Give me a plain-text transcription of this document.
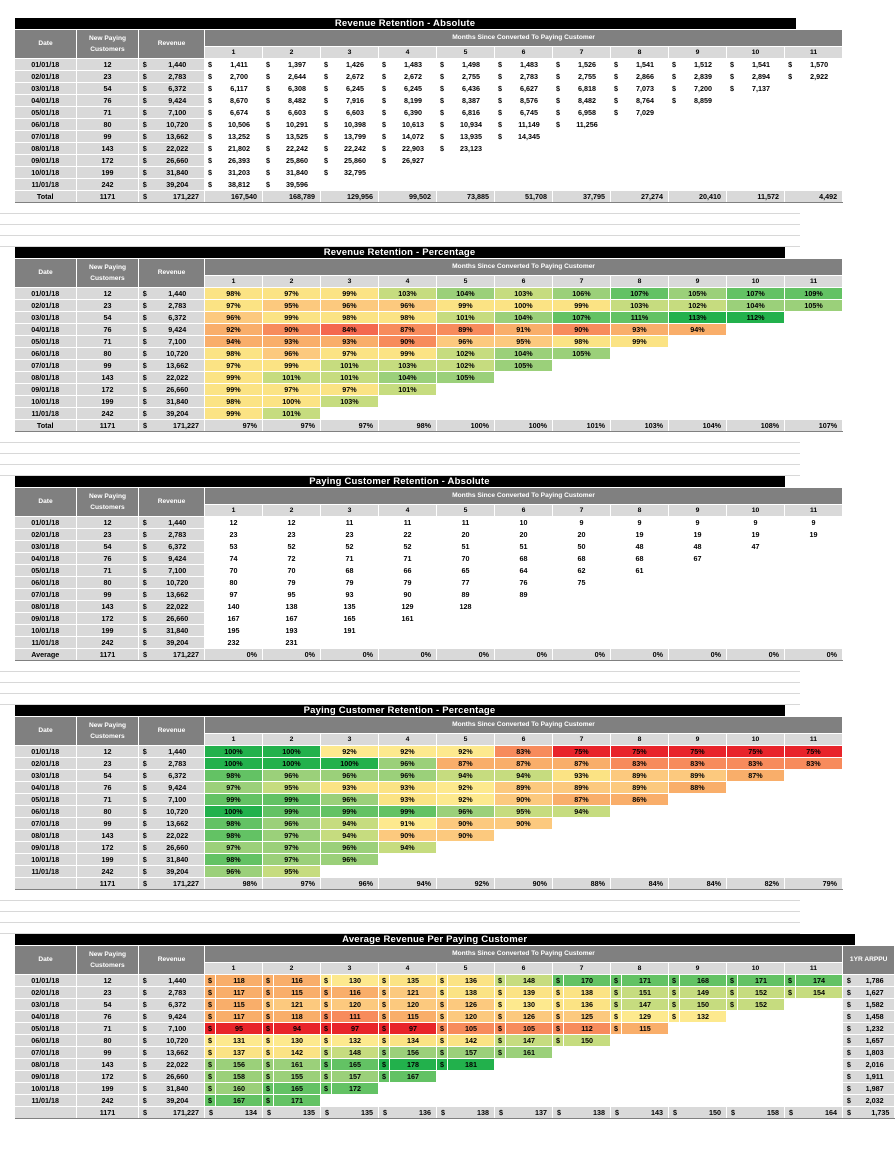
Revenue Retention - Absolute																									
Date	New Paying
Customers	Revenue		Months Since Converted To Paying Customer																					
				1		2		3		4		5		6		7		8		9		10		11	
01/01/18	12	$	1,440	$	1,411	$	1,397	$	1,426	$	1,483	$	1,498	$	1,483	$	1,526	$	1,541	$	1,512	$	1,541	$	1,570
02/01/18	23	$	2,783	$	2,700	$	2,644	$	2,672	$	2,672	$	2,755	$	2,783	$	2,755	$	2,866	$	2,839	$	2,894	$	2,922
03/01/18	54	$	6,372	$	6,117	$	6,308	$	6,245	$	6,245	$	6,436	$	6,627	$	6,818	$	7,073	$	7,200	$	7,137		
04/01/18	76	$	9,424	$	8,670	$	8,482	$	7,916	$	8,199	$	8,387	$	8,576	$	8,482	$	8,764	$	8,859				
05/01/18	71	$	7,100	$	6,674	$	6,603	$	6,603	$	6,390	$	6,816	$	6,745	$	6,958	$	7,029						
06/01/18	80	$	10,720	$	10,506	$	10,291	$	10,398	$	10,613	$	10,934	$	11,149	$	11,256								
07/01/18	99	$	13,662	$	13,252	$	13,525	$	13,799	$	14,072	$	13,935	$	14,345										
08/01/18	143	$	22,022	$	21,802	$	22,242	$	22,242	$	22,903	$	23,123												
09/01/18	172	$	26,660	$	26,393	$	25,860	$	25,860	$	26,927														
10/01/18	199	$	31,840	$	31,203	$	31,840	$	32,795																
11/01/18	242	$	39,204	$	38,812	$	39,596																		
Total	1171	$	171,227		167,540		168,789		129,956		99,502		73,885		51,708		37,795		27,274		20,410		11,572		4,492
Revenue Retention - Percentage														
Date	New Paying
Customers	Revenue		Months Since Converted To Paying Customer										
				1	2	3	4	5	6	7	8	9	10	11
01/01/18	12	$	1,440	98%	97%	99%	103%	104%	103%	106%	107%	105%	107%	109%
02/01/18	23	$	2,783	97%	95%	96%	96%	99%	100%	99%	103%	102%	104%	105%
03/01/18	54	$	6,372	96%	99%	98%	98%	101%	104%	107%	111%	113%	112%	
04/01/18	76	$	9,424	92%	90%	84%	87%	89%	91%	90%	93%	94%		
05/01/18	71	$	7,100	94%	93%	93%	90%	96%	95%	98%	99%			
06/01/18	80	$	10,720	98%	96%	97%	99%	102%	104%	105%				
07/01/18	99	$	13,662	97%	99%	101%	103%	102%	105%					
08/01/18	143	$	22,022	99%	101%	101%	104%	105%						
09/01/18	172	$	26,660	99%	97%	97%	101%							
10/01/18	199	$	31,840	98%	100%	103%								
11/01/18	242	$	39,204	99%	101%									
Total	1171	$	171,227	97%	97%	97%	98%	100%	100%	101%	103%	104%	108%	107%
Paying Customer Retention - Absolute														
Date	New Paying
Customers	Revenue		Months Since Converted To Paying Customer										
				1	2	3	4	5	6	7	8	9	10	11
01/01/18	12	$	1,440	12	12	11	11	11	10	9	9	9	9	9
02/01/18	23	$	2,783	23	23	23	22	20	20	20	19	19	19	19
03/01/18	54	$	6,372	53	52	52	52	51	51	50	48	48	47	
04/01/18	76	$	9,424	74	72	71	71	70	68	68	68	67		
05/01/18	71	$	7,100	70	70	68	66	65	64	62	61			
06/01/18	80	$	10,720	80	79	79	79	77	76	75				
07/01/18	99	$	13,662	97	95	93	90	89	89					
08/01/18	143	$	22,022	140	138	135	129	128						
09/01/18	172	$	26,660	167	167	165	161							
10/01/18	199	$	31,840	195	193	191								
11/01/18	242	$	39,204	232	231									
Average	1171	$	171,227	0%	0%	0%	0%	0%	0%	0%	0%	0%	0%	0%
Paying Customer Retention - Percentage														
Date	New Paying
Customers	Revenue		Months Since Converted To Paying Customer										
				1	2	3	4	5	6	7	8	9	10	11
01/01/18	12	$	1,440	100%	100%	92%	92%	92%	83%	75%	75%	75%	75%	75%
02/01/18	23	$	2,783	100%	100%	100%	96%	87%	87%	87%	83%	83%	83%	83%
03/01/18	54	$	6,372	98%	96%	96%	96%	94%	94%	93%	89%	89%	87%	
04/01/18	76	$	9,424	97%	95%	93%	93%	92%	89%	89%	89%	88%		
05/01/18	71	$	7,100	99%	99%	96%	93%	92%	90%	87%	86%			
06/01/18	80	$	10,720	100%	99%	99%	99%	96%	95%	94%				
07/01/18	99	$	13,662	98%	96%	94%	91%	90%	90%					
08/01/18	143	$	22,022	98%	97%	94%	90%	90%						
09/01/18	172	$	26,660	97%	97%	96%	94%							
10/01/18	199	$	31,840	98%	97%	96%								
11/01/18	242	$	39,204	96%	95%									
	1171	$	171,227	98%	97%	96%	94%	92%	90%	88%	84%	84%	82%	79%
Average Revenue Per Paying Customer																											
Date	New Paying
Customers	Revenue		Months Since Converted To Paying Customer																						1YR ARPPU	
				1		2		3		4		5		6		7		8		9		10		11			
01/01/18	12	$	1,440	$	118	$	116	$	130	$	135	$	136	$	148	$	170	$	171	$	168	$	171	$	174	$	1,786
02/01/18	23	$	2,783	$	117	$	115	$	116	$	121	$	138	$	139	$	138	$	151	$	149	$	152	$	154	$	1,627
03/01/18	54	$	6,372	$	115	$	121	$	120	$	120	$	126	$	130	$	136	$	147	$	150	$	152			$	1,582
04/01/18	76	$	9,424	$	117	$	118	$	111	$	115	$	120	$	126	$	125	$	129	$	132					$	1,458
05/01/18	71	$	7,100	$	95	$	94	$	97	$	97	$	105	$	105	$	112	$	115							$	1,232
06/01/18	80	$	10,720	$	131	$	130	$	132	$	134	$	142	$	147	$	150									$	1,657
07/01/18	99	$	13,662	$	137	$	142	$	148	$	156	$	157	$	161											$	1,803
08/01/18	143	$	22,022	$	156	$	161	$	165	$	178	$	181													$	2,016
09/01/18	172	$	26,660	$	158	$	155	$	157	$	167															$	1,911
10/01/18	199	$	31,840	$	160	$	165	$	172																	$	1,987
11/01/18	242	$	39,204	$	167	$	171																			$	2,032
	1171	$	171,227	$	134	$	135	$	135	$	136	$	138	$	137	$	138	$	143	$	150	$	158	$	164	$	1,735
